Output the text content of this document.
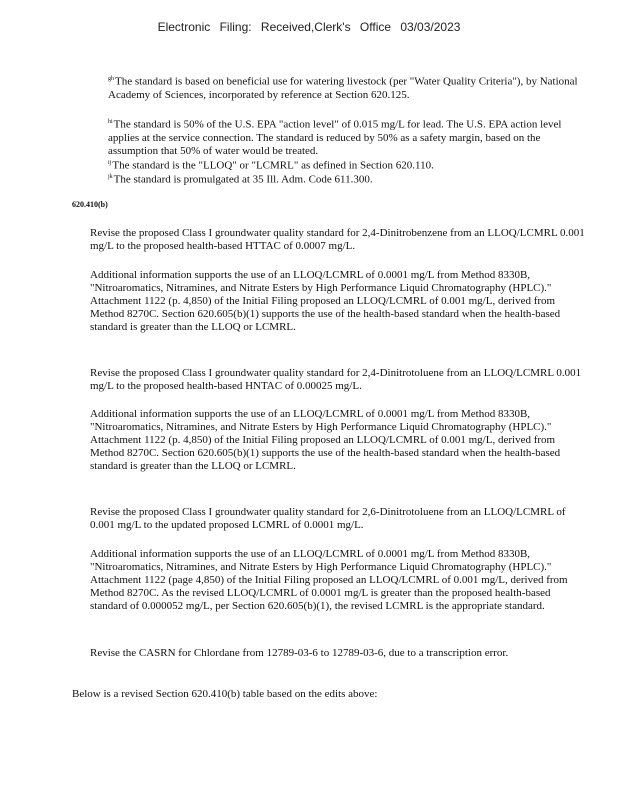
Electronic Filing: Received,Clerk's Office 03/03/2023
$^{gh}$The standard is based on beneficial use for watering livestock (per "Water Quality Criteria"), by National Academy of Sciences, incorporated by reference at Section 620.125.
$^{hi}$The standard is 50% of the U.S. EPA "action level" of 0.015 mg/L for lead. The U.S. EPA action level applies at the service connection. The standard is reduced by 50% as a safety margin, based on the assumption that 50% of water would be treated.
$^{ij}$The standard is the "LLOQ" or "LCMRL" as defined in Section 620.110.
$^{jk}$The standard is promulgated at 35 Ill. Adm. Code 611.300.
620.410(b)
Revise the proposed Class I groundwater quality standard for 2,4-Dinitrobenzene from an LLOQ/LCMRL 0.001 mg/L to the proposed health-based HTTAC of 0.0007 mg/L.
Additional information supports the use of an LLOQ/LCMRL of 0.0001 mg/L from Method 8330B, "Nitroaromatics, Nitramines, and Nitrate Esters by High Performance Liquid Chromatography (HPLC)." Attachment 1122 (p. 4,850) of the Initial Filing proposed an LLOQ/LCMRL of 0.001 mg/L, derived from Method 8270C. Section 620.605(b)(1) supports the use of the health-based standard when the health-based standard is greater than the LLOQ or LCMRL.
Revise the proposed Class I groundwater quality standard for 2,4-Dinitrotoluene from an LLOQ/LCMRL 0.001 mg/L to the proposed health-based HNTAC of 0.00025 mg/L.
Additional information supports the use of an LLOQ/LCMRL of 0.0001 mg/L from Method 8330B, "Nitroaromatics, Nitramines, and Nitrate Esters by High Performance Liquid Chromatography (HPLC)." Attachment 1122 (p. 4,850) of the Initial Filing proposed an LLOQ/LCMRL of 0.001 mg/L, derived from Method 8270C. Section 620.605(b)(1) supports the use of the health-based standard when the health-based standard is greater than the LLOQ or LCMRL.
Revise the proposed Class I groundwater quality standard for 2,6-Dinitrotoluene from an LLOQ/LCMRL of 0.001 mg/L to the updated proposed LCMRL of 0.0001 mg/L.
Additional information supports the use of an LLOQ/LCMRL of 0.0001 mg/L from Method 8330B, "Nitroaromatics, Nitramines, and Nitrate Esters by High Performance Liquid Chromatography (HPLC)." Attachment 1122 (page 4,850) of the Initial Filing proposed an LLOQ/LCMRL of 0.001 mg/L, derived from Method 8270C. As the revised LLOQ/LCMRL of 0.0001 mg/L is greater than the proposed health-based standard of 0.000052 mg/L, per Section 620.605(b)(1), the revised LCMRL is the appropriate standard.
Revise the CASRN for Chlordane from 12789-03-6 to 12789-03-6, due to a transcription error.
Below is a revised Section 620.410(b) table based on the edits above:
